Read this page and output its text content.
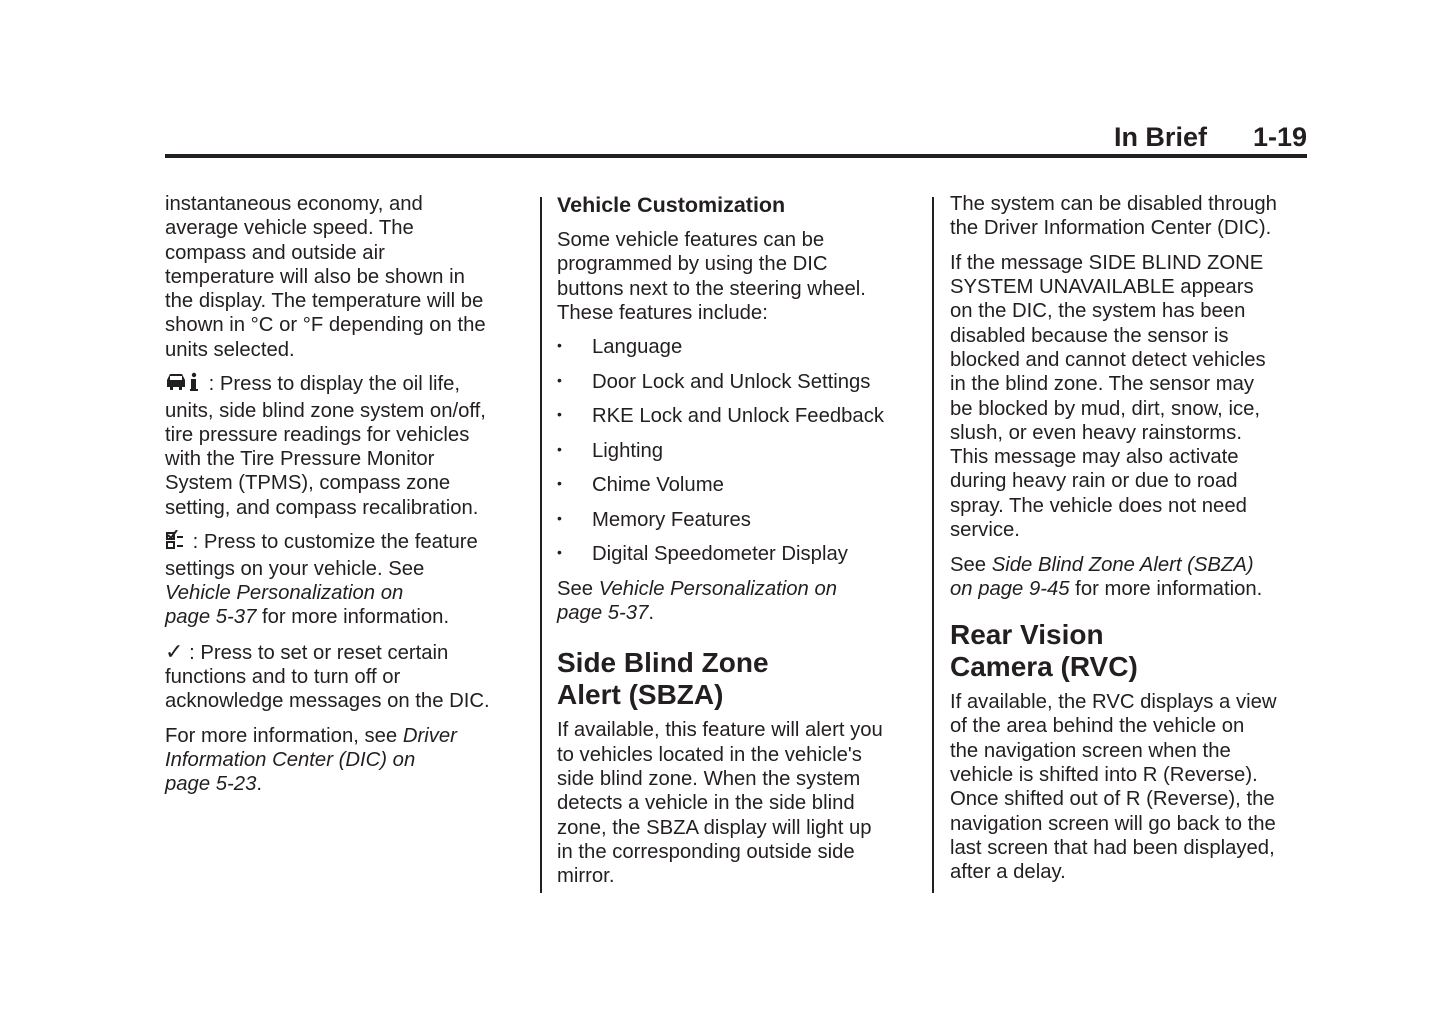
In Brief 1-19

instantaneous economy, and
average vehicle speed. The
compass and outside air
temperature will also be shown in
the display. The temperature will be
shown in °C or °F depending on the
units selected.

: Press to display the oil life,
units, side blind zone system on/off,
tire pressure readings for vehicles
with the Tire Pressure Monitor
System (TPMS), compass zone
setting, and compass recalibration.

: Press to customize the feature
settings on your vehicle. See
Vehicle Personalization on
page 5-37 for more information.

✓ : Press to set or reset certain
functions and to turn off or
acknowledge messages on the DIC.

For more information, see Driver
Information Center (DIC) on
page 5-23.

Vehicle Customization

Some vehicle features can be
programmed by using the DIC
buttons next to the steering wheel.
These features include:

• Language
• Door Lock and Unlock Settings
• RKE Lock and Unlock Feedback
• Lighting
• Chime Volume
• Memory Features
• Digital Speedometer Display

See Vehicle Personalization on
page 5-37.

Side Blind Zone
Alert (SBZA)

If available, this feature will alert you
to vehicles located in the vehicle's
side blind zone. When the system
detects a vehicle in the side blind
zone, the SBZA display will light up
in the corresponding outside side
mirror.

The system can be disabled through
the Driver Information Center (DIC).

If the message SIDE BLIND ZONE
SYSTEM UNAVAILABLE appears
on the DIC, the system has been
disabled because the sensor is
blocked and cannot detect vehicles
in the blind zone. The sensor may
be blocked by mud, dirt, snow, ice,
slush, or even heavy rainstorms.
This message may also activate
during heavy rain or due to road
spray. The vehicle does not need
service.

See Side Blind Zone Alert (SBZA)
on page 9-45 for more information.

Rear Vision
Camera (RVC)

If available, the RVC displays a view
of the area behind the vehicle on
the navigation screen when the
vehicle is shifted into R (Reverse).
Once shifted out of R (Reverse), the
navigation screen will go back to the
last screen that had been displayed,
after a delay.
